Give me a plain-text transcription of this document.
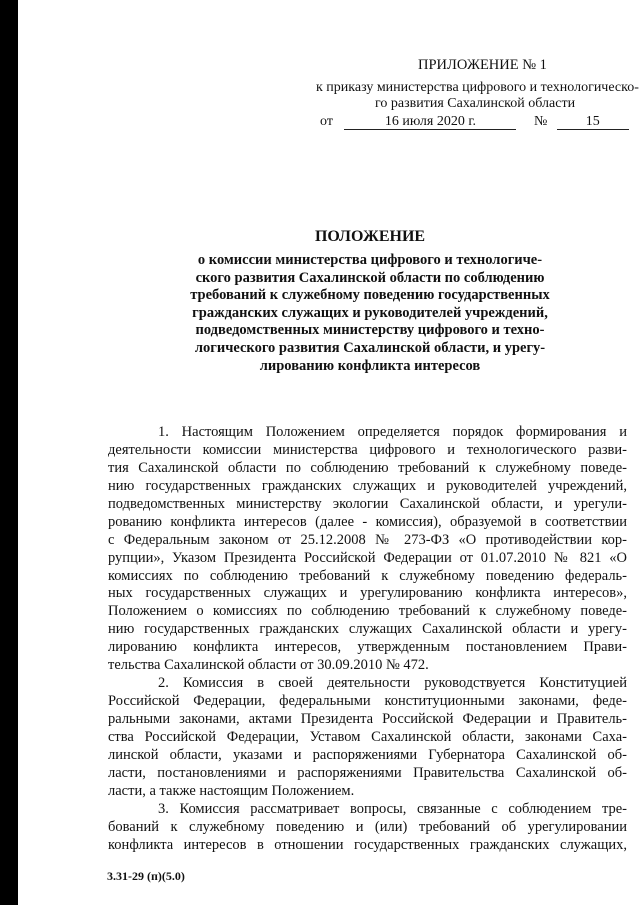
ПРИЛОЖЕНИЕ № 1
к приказу министерства цифрового и технологическо-
го развития Сахалинской области
от	16 июля 2020 г.	№	15
ПОЛОЖЕНИЕ
о комиссии министерства цифрового и технологиче-
ского развития Сахалинской области по соблюдению
требований к служебному поведению государственных
гражданских служащих и руководителей учреждений,
подведомственных министерству цифрового и техно-
логического развития Сахалинской области, и урегу-
лированию конфликта интересов
1. Настоящим Положением определяется порядок формирования и
деятельности комиссии министерства цифрового и технологического разви-
тия Сахалинской области по соблюдению требований к служебному поведе-
нию государственных гражданских служащих и руководителей учреждений,
подведомственных министерству экологии Сахалинской области, и урегули-
рованию конфликта интересов (далее - комиссия), образуемой в соответствии
с Федеральным законом от 25.12.2008 № 273-ФЗ «О противодействии кор-
рупции», Указом Президента Российской Федерации от 01.07.2010 № 821 «О
комиссиях по соблюдению требований к служебному поведению федераль-
ных государственных служащих и урегулированию конфликта интересов»,
Положением о комиссиях по соблюдению требований к служебному поведе-
нию государственных гражданских служащих Сахалинской области и урегу-
лированию конфликта интересов, утвержденным постановлением Прави-
тельства Сахалинской области от 30.09.2010 № 472.
2. Комиссия в своей деятельности руководствуется Конституцией
Российской Федерации, федеральными конституционными законами, феде-
ральными законами, актами Президента Российской Федерации и Правитель-
ства Российской Федерации, Уставом Сахалинской области, законами Саха-
линской области, указами и распоряжениями Губернатора Сахалинской об-
ласти, постановлениями и распоряжениями Правительства Сахалинской об-
ласти, а также настоящим Положением.
3. Комиссия рассматривает вопросы, связанные с соблюдением тре-
бований к служебному поведению и (или) требований об урегулировании
конфликта интересов в отношении государственных гражданских служащих,
3.31-29 (п)(5.0)
